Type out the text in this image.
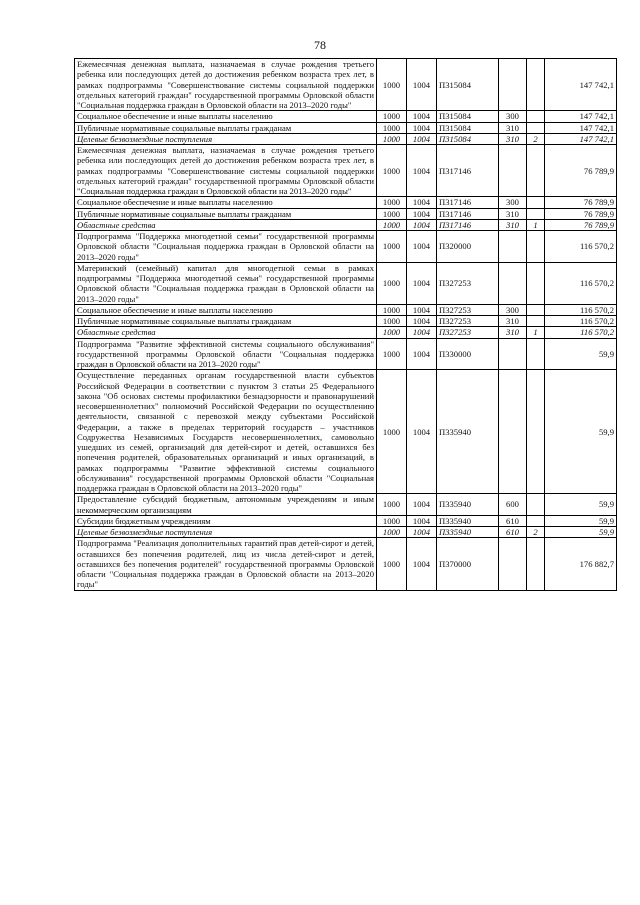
78
Ежемесячная денежная выплата, назначаемая в случае рождения третьего ребенка или последующих детей до достижения ребенком возраста трех лет, в рамках подпрограммы "Совершенствование системы социальной поддержки отдельных категорий граждан" государственной программы Орловской области "Социальная поддержка граждан в Орловской области на 2013–2020 годы"	1000	1004	П315084			147 742,1
Социальное обеспечение и иные выплаты населению	1000	1004	П315084	300		147 742,1
Публичные нормативные социальные выплаты гражданам	1000	1004	П315084	310		147 742,1
Целевые безвозмездные поступления	1000	1004	П315084	310	2	147 742,1
Ежемесячная денежная выплата, назначаемая в случае рождения третьего ребенка или последующих детей до достижения ребенком возраста трех лет, в рамках подпрограммы "Совершенствование системы социальной поддержки отдельных категорий граждан" государственной программы Орловской области "Социальная поддержка граждан в Орловской области на 2013–2020 годы"	1000	1004	П317146			76 789,9
Социальное обеспечение и иные выплаты населению	1000	1004	П317146	300		76 789,9
Публичные нормативные социальные выплаты гражданам	1000	1004	П317146	310		76 789,9
Областные средства	1000	1004	П317146	310	1	76 789,9
Подпрограмма "Поддержка многодетной семьи" государственной программы Орловской области "Социальная поддержка граждан в Орловской области на 2013–2020 годы"	1000	1004	П320000			116 570,2
Материнский (семейный) капитал для многодетной семьи в рамках подпрограммы "Поддержка многодетной семьи" государственной программы Орловской области "Социальная поддержка граждан в Орловской области на 2013–2020 годы"	1000	1004	П327253			116 570,2
Социальное обеспечение и иные выплаты населению	1000	1004	П327253	300		116 570,2
Публичные нормативные социальные выплаты гражданам	1000	1004	П327253	310		116 570,2
Областные средства	1000	1004	П327253	310	1	116 570,2
Подпрограмма "Развитие эффективной системы социального обслуживания" государственной программы Орловской области "Социальная поддержка граждан в Орловской области на 2013–2020 годы"	1000	1004	П330000			59,9
Осуществление переданных органам государственной власти субъектов Российской Федерации в соответствии с пунктом 3 статьи 25 Федерального закона "Об основах системы профилактики безнадзорности и правонарушений несовершеннолетних" полномочий Российской Федерации по осуществлению деятельности, связанной с перевозкой между субъектами Российской Федерации, а также в пределах территорий государств – участников Содружества Независимых Государств несовершеннолетних, самовольно ушедших из семей, организаций для детей-сирот и детей, оставшихся без попечения родителей, образовательных организаций и иных организаций, в рамках подпрограммы "Развитие эффективной системы социального обслуживания" государственной программы Орловской области "Социальная поддержка граждан в Орловской области на 2013–2020 годы"	1000	1004	П335940			59,9
Предоставление субсидий бюджетным, автономным учреждениям и иным некоммерческим организациям	1000	1004	П335940	600		59,9
Субсидии бюджетным учреждениям	1000	1004	П335940	610		59,9
Целевые безвозмездные поступления	1000	1004	П335940	610	2	59,9
Подпрограмма "Реализация дополнительных гарантий прав детей-сирот и детей, оставшихся без попечения родителей, лиц из числа детей-сирот и детей, оставшихся без попечения родителей" государственной программы Орловской области "Социальная поддержка граждан в Орловской области на 2013–2020 годы"	1000	1004	П370000			176 882,7
